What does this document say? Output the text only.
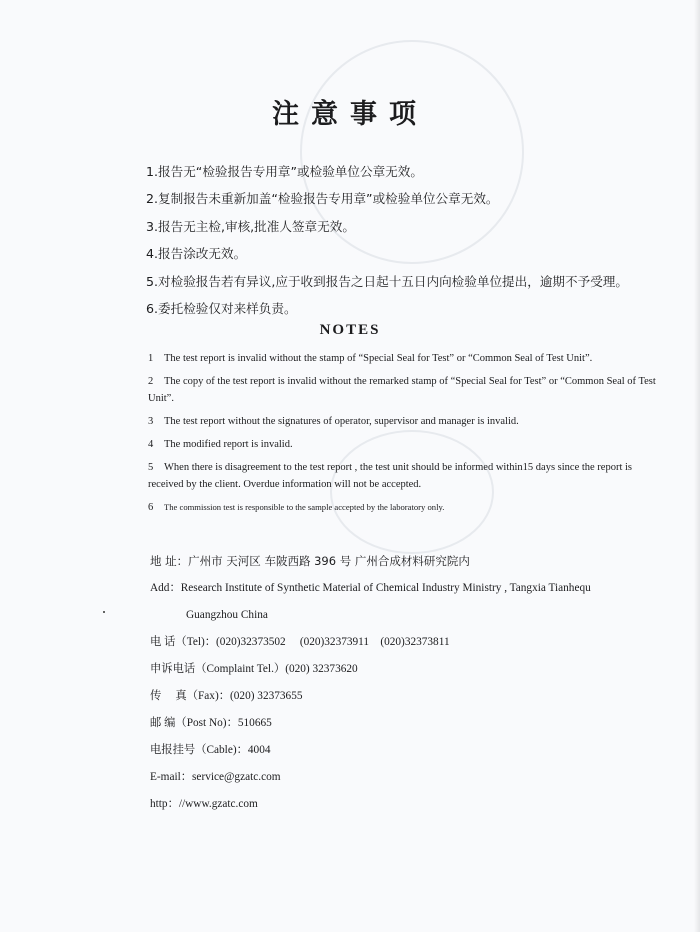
注意事项
1.报告无“检验报告专用章”或检验单位公章无效。
2.复制报告未重新加盖“检验报告专用章”或检验单位公章无效。
3.报告无主检,审核,批准人签章无效。
4.报告涂改无效。
5.对检验报告若有异议,应于收到报告之日起十五日内向检验单位提出，逾期不予受理。
6.委托检验仅对来样负责。
NOTES
1 The test report is invalid without the stamp of “Special Seal for Test” or “Common Seal of Test Unit”.
2 The copy of the test report is invalid without the remarked stamp of “Special Seal for Test” or “Common Seal of Test Unit”.
3 The test report without the signatures of operator, supervisor and manager is invalid.
4 The modified report is invalid.
5 When there is disagreement to the test report , the test unit should be informed within15 days since the report is received by the client. Overdue information will not be accepted.
6 The commission test is responsible to the sample accepted by the laboratory only.
地 址：广州市 天河区 车陂西路 396 号 广州合成材料研究院内
Add：Research Institute of Synthetic Material of Chemical Industry Ministry , Tangxia Tianhequ
Guangzhou China
电 话（Tel)：(020)32373502　 (020)32373911　(020)32373811
申诉电话（Complaint Tel.）(020) 32373620
传　 真（Fax)：(020) 32373655
邮 编（Post No)：510665
电报挂号（Cable)：4004
E-mail：service@gzatc.com
http：//www.gzatc.com
